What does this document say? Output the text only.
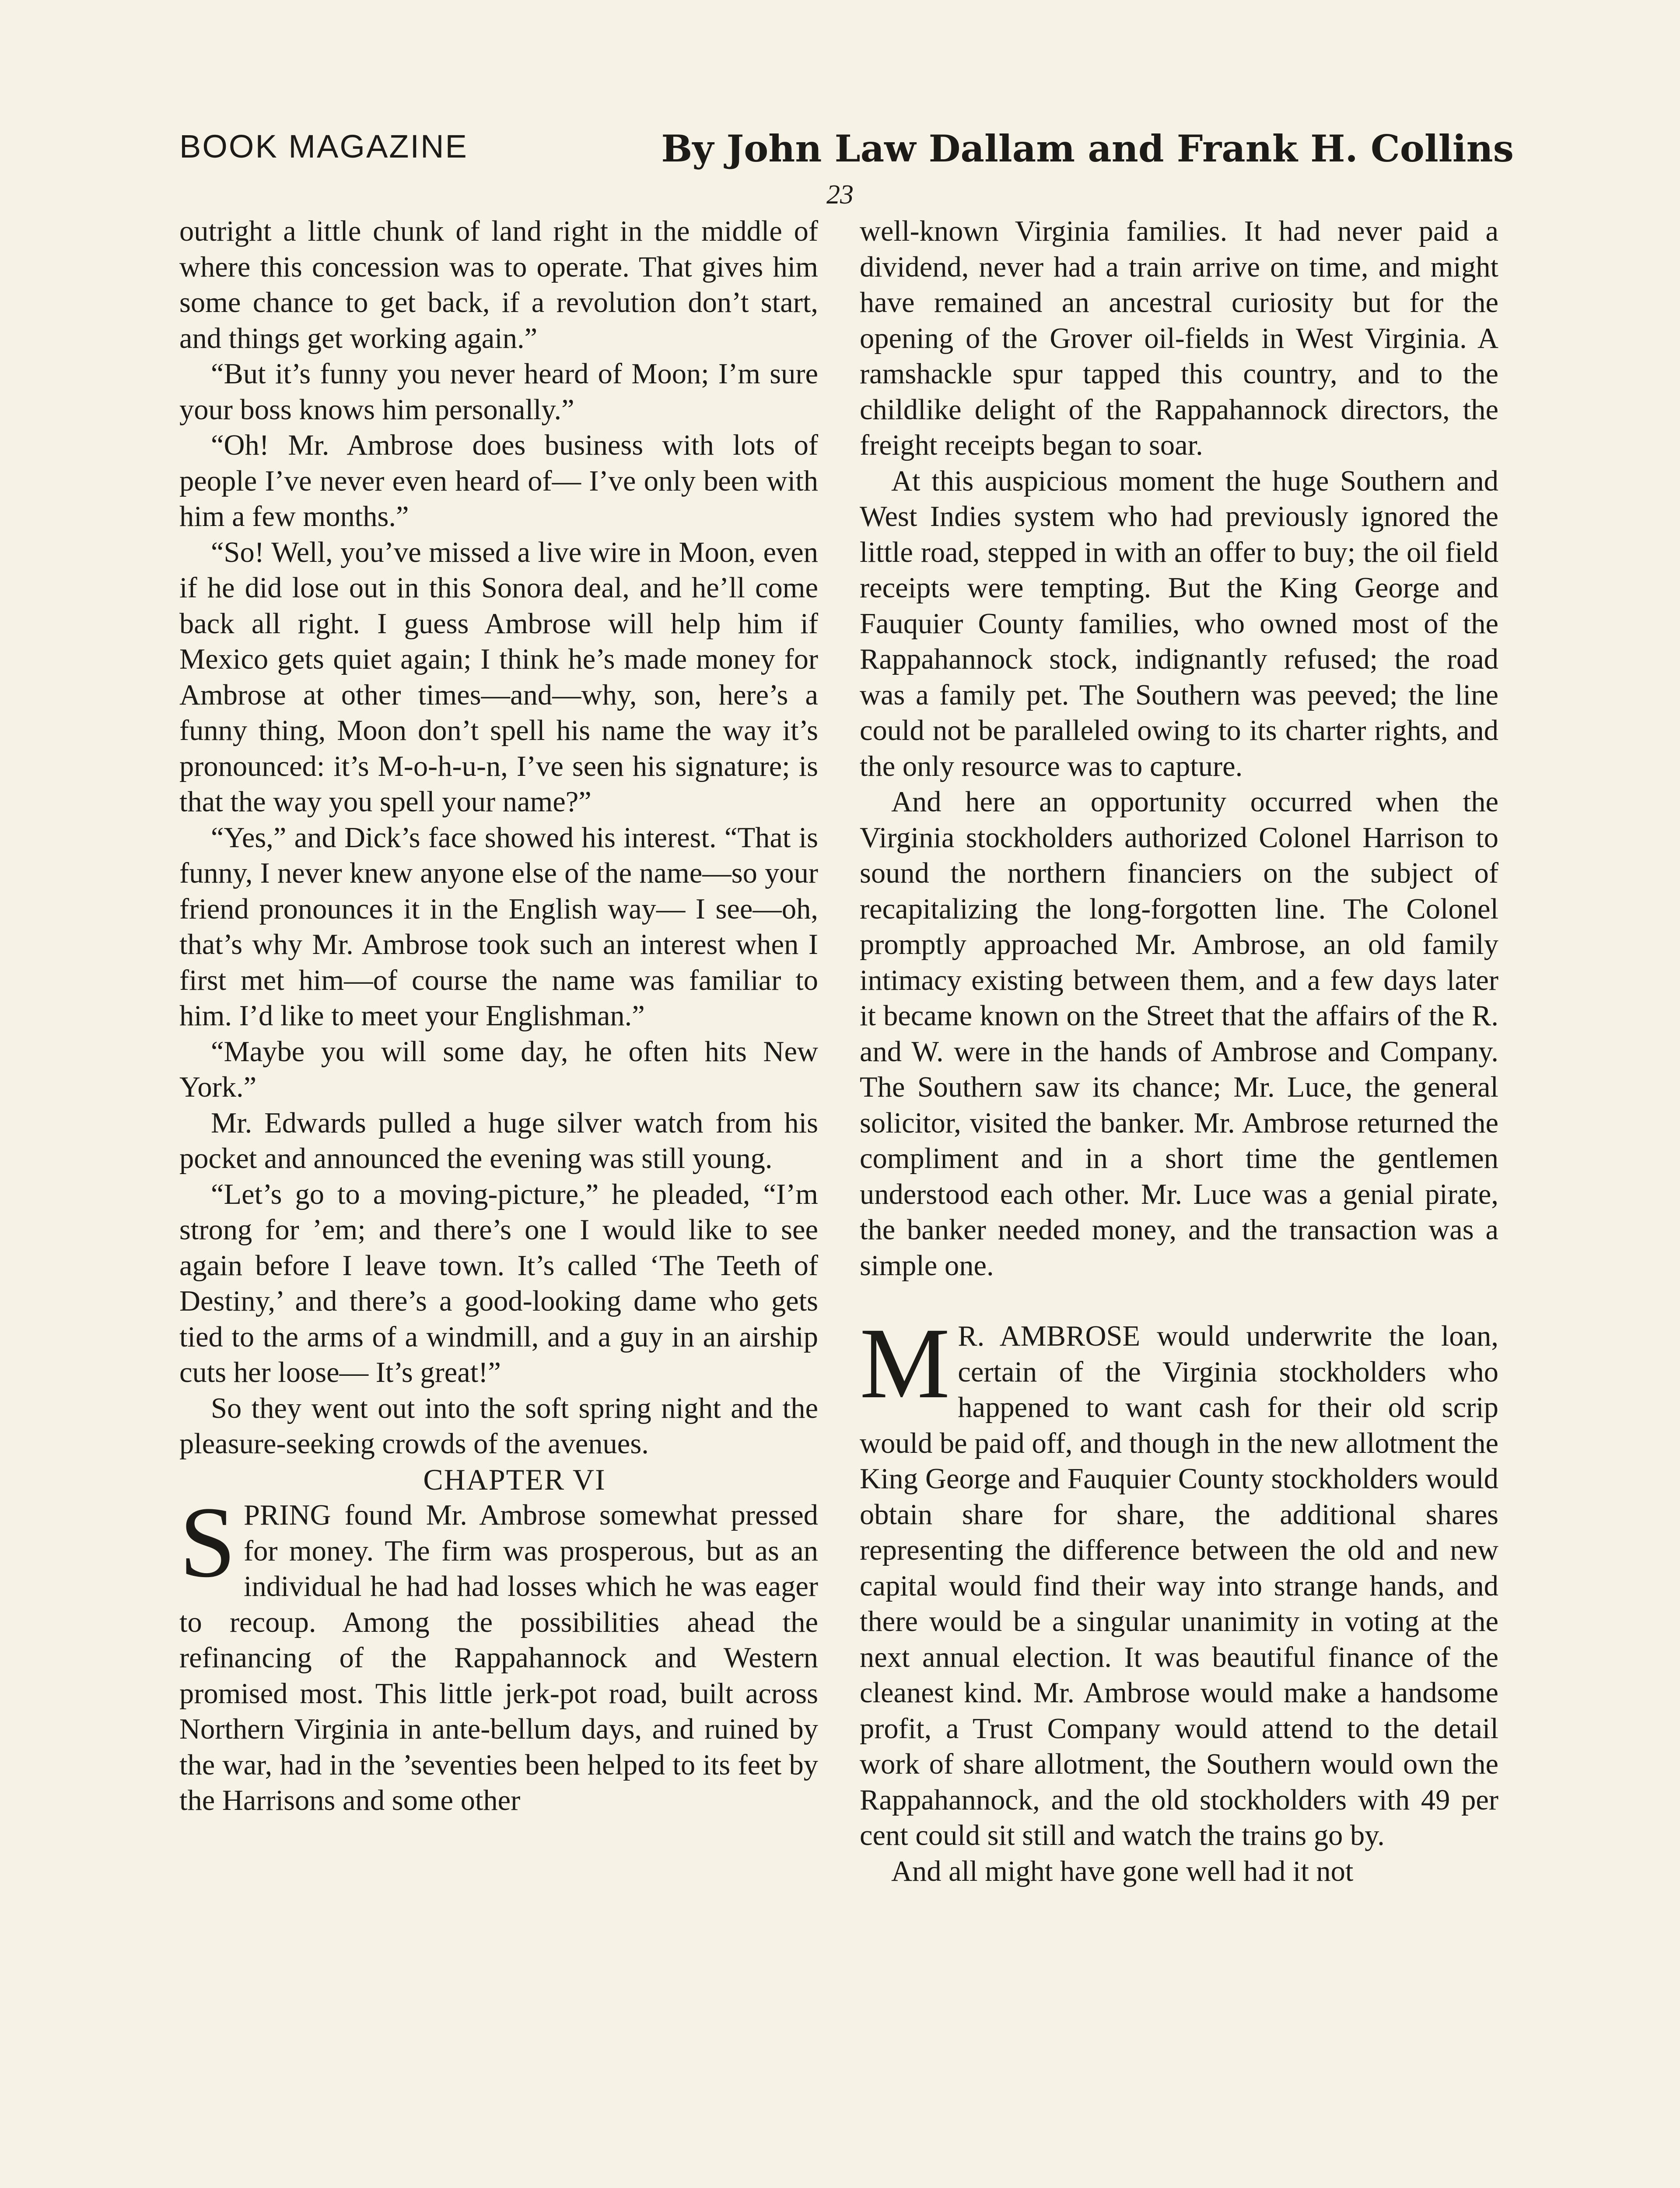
BOOK MAGAZINE	By John Law Dallam and Frank H. Collins
23

outright a little chunk of land right in the middle of where this concession was to operate. That gives him some chance to get back, if a revolution don’t start, and things get working again.”

“But it’s funny you never heard of Moon; I’m sure your boss knows him personally.”

“Oh! Mr. Ambrose does business with lots of people I’ve never even heard of— I’ve only been with him a few months.”

“So! Well, you’ve missed a live wire in Moon, even if he did lose out in this Sonora deal, and he’ll come back all right. I guess Ambrose will help him if Mexico gets quiet again; I think he’s made money for Ambrose at other times—and—why, son, here’s a funny thing, Moon don’t spell his name the way it’s pronounced: it’s M-o-h-u-n, I’ve seen his signature; is that the way you spell your name?”

“Yes,” and Dick’s face showed his interest. “That is funny, I never knew anyone else of the name—so your friend pronounces it in the English way— I see—oh, that’s why Mr. Ambrose took such an interest when I first met him—of course the name was familiar to him. I’d like to meet your Englishman.”

“Maybe you will some day, he often hits New York.”

Mr. Edwards pulled a huge silver watch from his pocket and announced the evening was still young.

“Let’s go to a moving-picture,” he pleaded, “I’m strong for ’em; and there’s one I would like to see again before I leave town. It’s called ‘The Teeth of Destiny,’ and there’s a good-looking dame who gets tied to the arms of a windmill, and a guy in an airship cuts her loose— It’s great!”

So they went out into the soft spring night and the pleasure-seeking crowds of the avenues.

CHAPTER VI

SPRING found Mr. Ambrose somewhat pressed for money. The firm was prosperous, but as an individual he had had losses which he was eager to recoup. Among the possibilities ahead the refinancing of the Rappahannock and Western promised most. This little jerk-pot road, built across Northern Virginia in ante-bellum days, and ruined by the war, had in the ’seventies been helped to its feet by the Harrisons and some other

well-known Virginia families. It had never paid a dividend, never had a train arrive on time, and might have remained an ancestral curiosity but for the opening of the Grover oil-fields in West Virginia. A ramshackle spur tapped this country, and to the childlike delight of the Rappahannock directors, the freight receipts began to soar.

At this auspicious moment the huge Southern and West Indies system who had previously ignored the little road, stepped in with an offer to buy; the oil field receipts were tempting. But the King George and Fauquier County families, who owned most of the Rappahannock stock, indignantly refused; the road was a family pet. The Southern was peeved; the line could not be paralleled owing to its charter rights, and the only resource was to capture.

And here an opportunity occurred when the Virginia stockholders authorized Colonel Harrison to sound the northern financiers on the subject of recapitalizing the long-forgotten line. The Colonel promptly approached Mr. Ambrose, an old family intimacy existing between them, and a few days later it became known on the Street that the affairs of the R. and W. were in the hands of Ambrose and Company. The Southern saw its chance; Mr. Luce, the general solicitor, visited the banker. Mr. Ambrose returned the compliment and in a short time the gentlemen understood each other. Mr. Luce was a genial pirate, the banker needed money, and the transaction was a simple one.

M R. AMBROSE would underwrite the loan, certain of the Virginia stockholders who happened to want cash for their old scrip would be paid off, and though in the new allotment the King George and Fauquier County stockholders would obtain share for share, the additional shares representing the difference between the old and new capital would find their way into strange hands, and there would be a singular unanimity in voting at the next annual election. It was beautiful finance of the cleanest kind. Mr. Ambrose would make a handsome profit, a Trust Company would attend to the detail work of share allotment, the Southern would own the Rappahannock, and the old stockholders with 49 per cent could sit still and watch the trains go by.

And all might have gone well had it not
